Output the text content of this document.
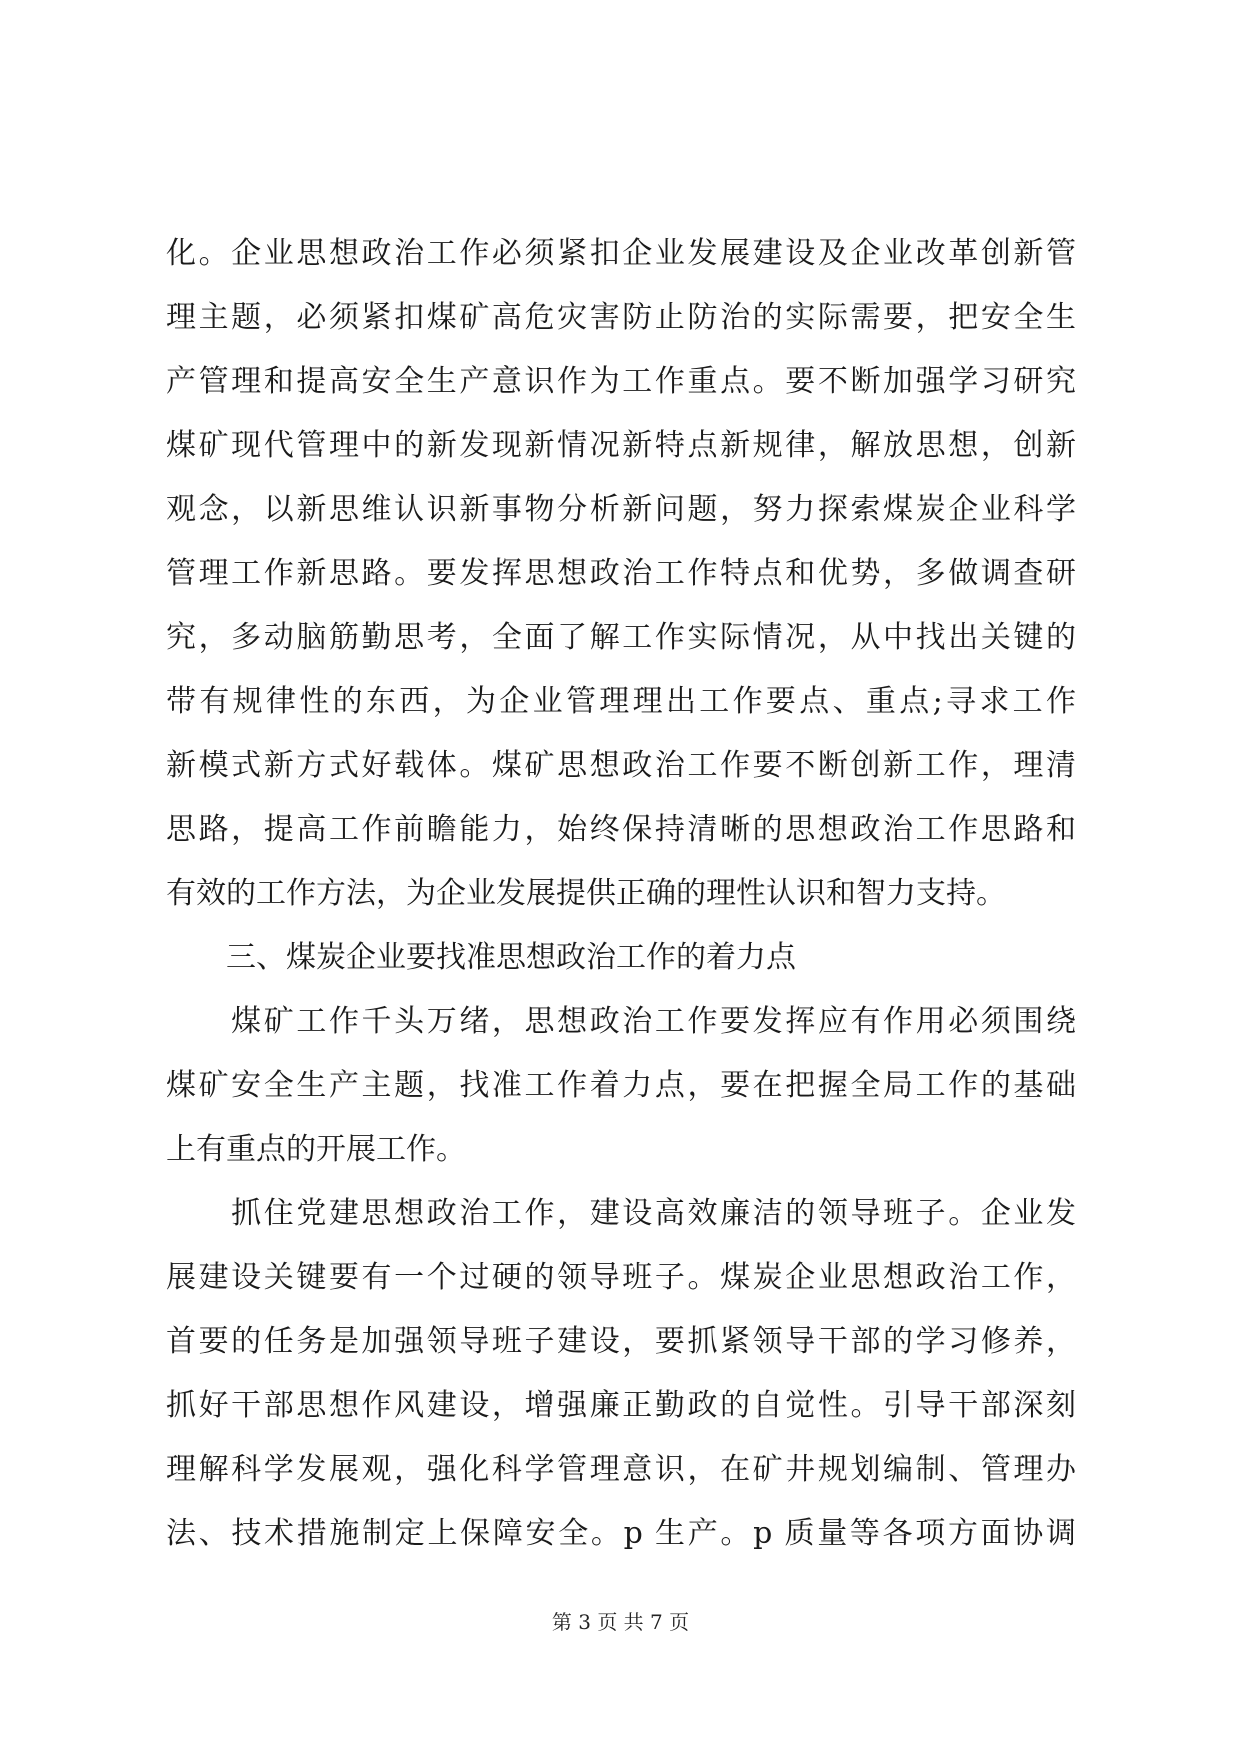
化。企业思想政治工作必须紧扣企业发展建设及企业改革创新管
理主题，必须紧扣煤矿高危灾害防止防治的实际需要，把安全生
产管理和提高安全生产意识作为工作重点。要不断加强学习研究
煤矿现代管理中的新发现新情况新特点新规律，解放思想，创新
观念，以新思维认识新事物分析新问题，努力探索煤炭企业科学
管理工作新思路。要发挥思想政治工作特点和优势，多做调查研
究，多动脑筋勤思考，全面了解工作实际情况，从中找出关键的
带有规律性的东西，为企业管理理出工作要点、重点;寻求工作
新模式新方式好载体。煤矿思想政治工作要不断创新工作，理清
思路，提高工作前瞻能力，始终保持清晰的思想政治工作思路和
有效的工作方法，为企业发展提供正确的理性认识和智力支持。
　　三、煤炭企业要找准思想政治工作的着力点
　　煤矿工作千头万绪，思想政治工作要发挥应有作用必须围绕
煤矿安全生产主题，找准工作着力点，要在把握全局工作的基础
上有重点的开展工作。
　　抓住党建思想政治工作，建设高效廉洁的领导班子。企业发
展建设关键要有一个过硬的领导班子。煤炭企业思想政治工作，
首要的任务是加强领导班子建设，要抓紧领导干部的学习修养，
抓好干部思想作风建设，增强廉正勤政的自觉性。引导干部深刻
理解科学发展观，强化科学管理意识，在矿井规划编制、管理办
法、技术措施制定上保障安全。p 生产。p 质量等各项方面协调
第 3 页 共 7 页
